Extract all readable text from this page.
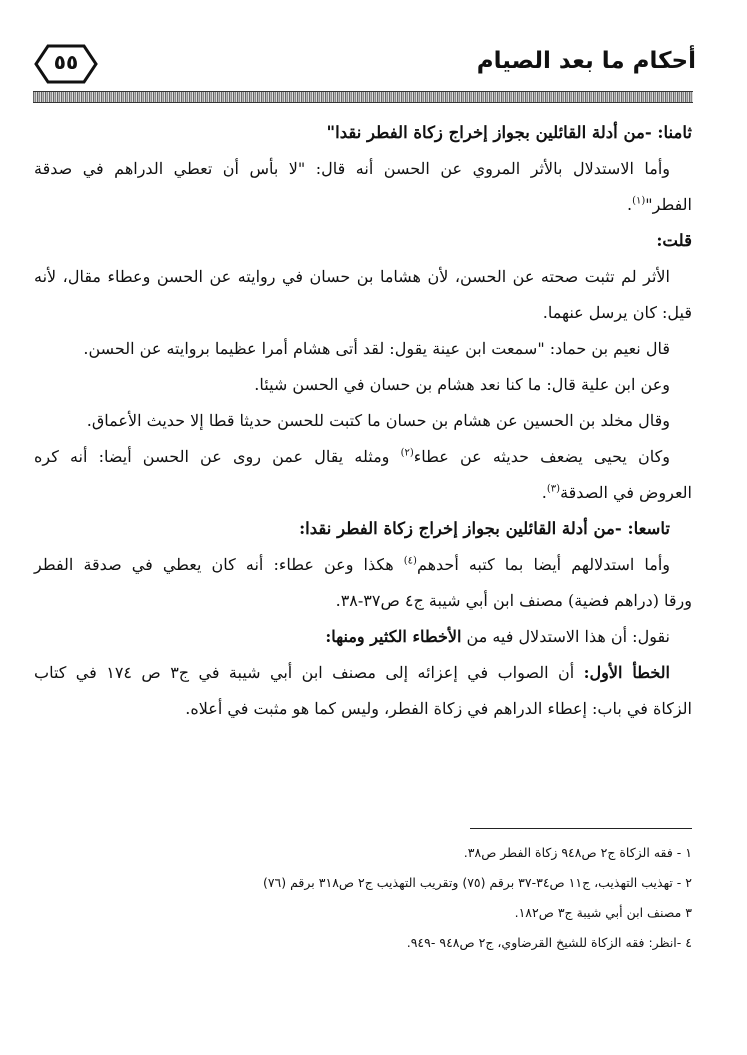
أحكام ما بعد الصيام
٥٥

ثامنا: -من أدلة القائلين بجواز إخراج زكاة الفطر نقدا"

وأما الاستدلال بالأثر المروي عن الحسن أنه قال: "لا بأس أن تعطي الدراهم في صدقة

الفطر"$^{(١)}$.

قلت:

الأثر لم تثبت صحته عن الحسن، لأن هشاما بن حسان في روايته عن الحسن وعطاء مقال، لأنه

قيل: كان يرسل عنهما.

قال نعيم بن حماد: "سمعت ابن عينة يقول: لقد أتى هشام أمرا عظيما بروايته عن الحسن.

وعن ابن علية قال: ما كنا نعد هشام بن حسان في الحسن شيئا.

وقال مخلد بن الحسين عن هشام بن حسان ما كتبت للحسن حديثا قطا إلا حديث الأعماق.

وكان يحيى يضعف حديثه عن عطاء$^{(٢)}$ ومثله يقال عمن روى عن الحسن أيضا: أنه كره

العروض في الصدقة$^{(٣)}$.

تاسعا: -من أدلة القائلين بجواز إخراج زكاة الفطر نقدا:

وأما استدلالهم أيضا بما كتبه أحدهم$^{(٤)}$ هكذا وعن عطاء: أنه كان يعطي في صدقة الفطر

ورقا (دراهم فضية) مصنف ابن أبي شيبة ج٤ ص٣٧-٣٨.

نقول: أن هذا الاستدلال فيه من الأخطاء الكثير ومنها:

الخطأ الأول: أن الصواب في إعزائه إلى مصنف ابن أبي شيبة في ج٣ ص ١٧٤ في كتاب

الزكاة في باب: إعطاء الدراهم في زكاة الفطر، وليس كما هو مثبت في أعلاه.

١ - فقه الزكاة ج٢ ص٩٤٨ زكاة الفطر ص٣٨.

٢ - تهذيب التهذيب، ج١١ ص٣٤-٣٧ برقم (٧٥) وتقريب التهذيب ج٢ ص٣١٨ برقم (٧٦)

٣ مصنف ابن أبي شيبة ج٣ ص١٨٢.

٤ -انظر: فقه الزكاة للشيخ القرضاوي، ج٢ ص٩٤٨ -٩٤٩.
